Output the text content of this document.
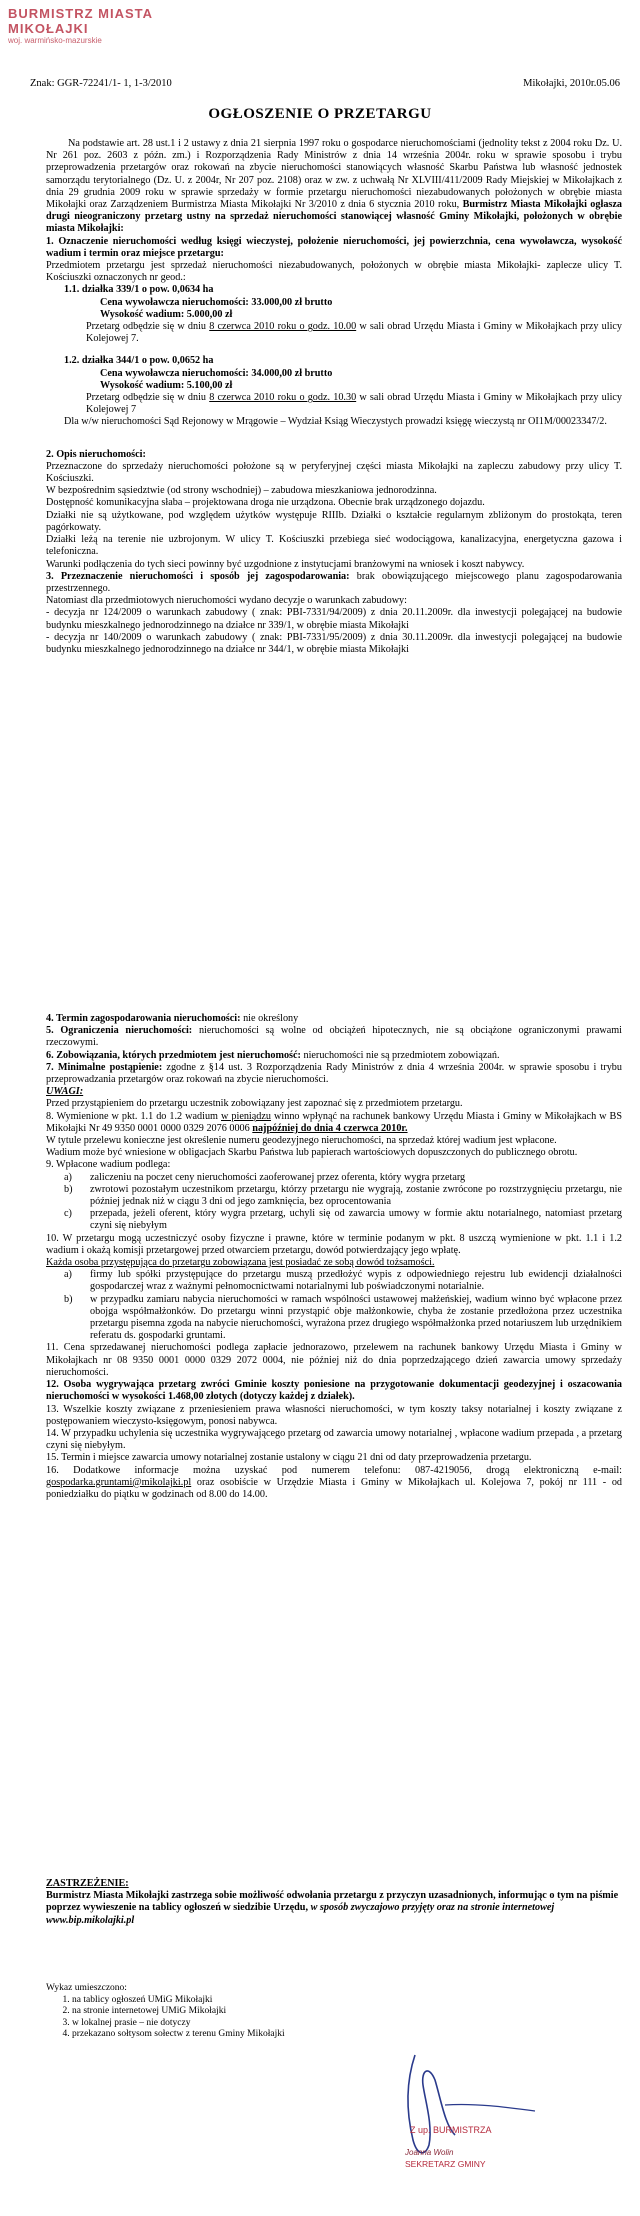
BURMISTRZ MIASTA MIKOŁAJKI
woj. warmińsko-mazurskie
Znak: GGR-72241/1- 1, 1-3/2010	Mikołajki, 2010r.05.06
OGŁOSZENIE O PRZETARGU

Na podstawie art. 28 ust.1 i 2 ustawy z dnia 21 sierpnia 1997 roku o gospodarce nieruchomościami (jednolity tekst z 2004 roku Dz. U. Nr 261 poz. 2603 z późn. zm.) i Rozporządzenia Rady Ministrów z dnia 14 września 2004r. roku w sprawie sposobu i trybu przeprowadzenia przetargów oraz rokowań na zbycie nieruchomości stanowiących własność Skarbu Państwa lub własność jednostek samorządu terytorialnego (Dz. U. z 2004r, Nr 207 poz. 2108) oraz w zw. z uchwałą Nr XLVIII/411/2009 Rady Miejskiej w Mikołajkach z dnia 29 grudnia 2009 roku w sprawie sprzedaży w formie przetargu nieruchomości niezabudowanych położonych w obrębie miasta Mikołajki oraz Zarządzeniem Burmistrza Miasta Mikołajki Nr 3/2010 z dnia 6 stycznia 2010 roku, Burmistrz Miasta Mikołajki ogłasza drugi nieograniczony przetarg ustny na sprzedaż nieruchomości stanowiącej własność Gminy Mikołajki, położonych w obrębie miasta Mikołajki:

1. Oznaczenie nieruchomości według księgi wieczystej, położenie nieruchomości, jej powierzchnia, cena wywoławcza, wysokość wadium i termin oraz miejsce przetargu:

Przedmiotem przetargu jest sprzedaż nieruchomości niezabudowanych, położonych w obrębie miasta Mikołajki- zaplecze ulicy T. Kościuszki oznaczonych nr geod.:

1.1. działka 339/1 o pow. 0,0634 ha

Cena wywoławcza nieruchomości: 33.000,00 zł brutto

Wysokość wadium: 5.000,00 zł

Przetarg odbędzie się w dniu 8 czerwca 2010 roku o godz. 10.00 w sali obrad Urzędu Miasta i Gminy w Mikołajkach przy ulicy Kolejowej 7.

1.2. działka 344/1 o pow. 0,0652 ha

Cena wywoławcza nieruchomości: 34.000,00 zł brutto

Wysokość wadium: 5.100,00 zł

Przetarg odbędzie się w dniu 8 czerwca 2010 roku o godz. 10.30 w sali obrad Urzędu Miasta i Gminy w Mikołajkach przy ulicy Kolejowej 7

Dla w/w nieruchomości Sąd Rejonowy w Mrągowie – Wydział Ksiąg Wieczystych prowadzi księgę wieczystą nr OI1M/00023347/2.

2. Opis nieruchomości:

Przeznaczone do sprzedaży nieruchomości położone są w peryferyjnej części miasta Mikołajki na zapleczu zabudowy przy ulicy T. Kościuszki.

W bezpośrednim sąsiedztwie (od strony wschodniej) – zabudowa mieszkaniowa jednorodzinna.

Dostępność komunikacyjna słaba – projektowana droga nie urządzona. Obecnie brak urządzonego dojazdu.

Działki nie są użytkowane, pod względem użytków występuje RIIIb. Działki o kształcie regularnym zbliżonym do prostokąta, teren pagórkowaty.

Działki leżą na terenie nie uzbrojonym. W ulicy T. Kościuszki przebiega sieć wodociągowa, kanalizacyjna, energetyczna gazowa i telefoniczna.

Warunki podłączenia do tych sieci powinny być uzgodnione z instytucjami branżowymi na wniosek i koszt nabywcy.

3. Przeznaczenie nieruchomości i sposób jej zagospodarowania: brak obowiązującego miejscowego planu zagospodarowania przestrzennego.

Natomiast dla przedmiotowych nieruchomości wydano decyzje o warunkach zabudowy:

- decyzja nr 124/2009 o warunkach zabudowy ( znak: PBI-7331/94/2009) z dnia 20.11.2009r. dla inwestycji polegającej na budowie budynku mieszkalnego jednorodzinnego na działce nr 339/1, w obrębie miasta Mikołajki

- decyzja nr 140/2009 o warunkach zabudowy ( znak: PBI-7331/95/2009) z dnia 30.11.2009r. dla inwestycji polegającej na budowie budynku mieszkalnego jednorodzinnego na działce nr 344/1, w obrębie miasta Mikołajki

4. Termin zagospodarowania nieruchomości: nie określony

5. Ograniczenia nieruchomości: nieruchomości są wolne od obciążeń hipotecznych, nie są obciążone ograniczonymi prawami rzeczowymi.

6. Zobowiązania, których przedmiotem jest nieruchomość: nieruchomości nie są przedmiotem zobowiązań.

7. Minimalne postąpienie: zgodne z §14 ust. 3 Rozporządzenia Rady Ministrów z dnia 4 września 2004r. w sprawie sposobu i trybu przeprowadzania przetargów oraz rokowań na zbycie nieruchomości.

UWAGI:

Przed przystąpieniem do przetargu uczestnik zobowiązany jest zapoznać się z przedmiotem przetargu.

8. Wymienione w pkt. 1.1 do 1.2 wadium w pieniądzu winno wpłynąć na rachunek bankowy Urzędu Miasta i Gminy w Mikołajkach w BS Mikołajki Nr 49 9350 0001 0000 0329 2076 0006 najpóźniej do dnia 4 czerwca 2010r.

W tytule przelewu konieczne jest określenie numeru geodezyjnego nieruchomości, na sprzedaż której wadium jest wpłacone.

Wadium może być wniesione w obligacjach Skarbu Państwa lub papierach wartościowych dopuszczonych do publicznego obrotu.

9. Wpłacone wadium podlega:

a)	zaliczeniu na poczet ceny nieruchomości zaoferowanej przez oferenta, który wygra przetarg
b)	zwrotowi pozostałym uczestnikom przetargu, którzy przetargu nie wygrają, zostanie zwrócone po rozstrzygnięciu przetargu, nie później jednak niż w ciągu 3 dni od jego zamknięcia, bez oprocentowania
c)	przepada, jeżeli oferent, który wygra przetarg, uchyli się od zawarcia umowy w formie aktu notarialnego, natomiast przetarg czyni się niebyłym

10. W przetargu mogą uczestniczyć osoby fizyczne i prawne, które w terminie podanym w pkt. 8 uszczą wymienione w pkt. 1.1 i 1.2 wadium i okażą komisji przetargowej przed otwarciem przetargu, dowód potwierdzający jego wpłatę.

Każda osoba przystępująca do przetargu zobowiązana jest posiadać ze sobą dowód tożsamości.

a)	firmy lub spółki przystępujące do przetargu muszą przedłożyć wypis z odpowiedniego rejestru lub ewidencji działalności gospodarczej wraz z ważnymi pełnomocnictwami notarialnymi lub poświadczonymi notarialnie.
b)	w przypadku zamiaru nabycia nieruchomości w ramach wspólności ustawowej małżeńskiej, wadium winno być wpłacone przez obojga współmałżonków. Do przetargu winni przystąpić obje małżonkowie, chyba że zostanie przedłożona przez uczestnika przetargu pisemna zgoda na nabycie nieruchomości, wyrażona przez drugiego współmałżonka przed notariuszem lub urzędnikiem referatu ds. gospodarki gruntami.

11. Cena sprzedawanej nieruchomości podlega zapłacie jednorazowo, przelewem na rachunek bankowy Urzędu Miasta i Gminy w Mikołajkach nr 08 9350 0001 0000 0329 2072 0004, nie później niż do dnia poprzedzającego dzień zawarcia umowy sprzedaży nieruchomości.

12. Osoba wygrywająca przetarg zwróci Gminie koszty poniesione na przygotowanie dokumentacji geodezyjnej i oszacowania nieruchomości w wysokości 1.468,00 złotych (dotyczy każdej z działek).

13. Wszelkie koszty związane z przeniesieniem prawa własności nieruchomości, w tym koszty taksy notarialnej i koszty związane z postępowaniem wieczysto-księgowym, ponosi nabywca.

14. W przypadku uchylenia się uczestnika wygrywającego przetarg od zawarcia umowy notarialnej , wpłacone wadium przepada , a przetarg czyni się niebyłym.

15. Termin i miejsce zawarcia umowy notarialnej zostanie ustalony w ciągu 21 dni od daty przeprowadzenia przetargu.

16. Dodatkowe informacje można uzyskać pod numerem telefonu: 087-4219056, drogą elektroniczną e-mail: gospodarka.gruntami@mikolajki.pl oraz osobiście w Urzędzie Miasta i Gminy w Mikołajkach ul. Kolejowa 7, pokój nr 111 - od poniedziałku do piątku w godzinach od 8.00 do 14.00.

ZASTRZEŻENIE:

Burmistrz Miasta Mikołajki zastrzega sobie możliwość odwołania przetargu z przyczyn uzasadnionych, informując o tym na piśmie poprzez wywieszenie na tablicy ogłoszeń w siedzibie Urzędu, w sposób zwyczajowo przyjęty oraz na stronie internetowej www.bip.mikolajki.pl

Wykaz umieszczono:

1. na tablicy ogłoszeń UMiG Mikołajki
2. na stronie internetowej UMiG Mikołajki
3. w lokalnej prasie – nie dotyczy
4. przekazano sołtysom sołectw z terenu Gminy Mikołajki
Z up. BURMISTRZA
Joanna Wolin
SEKRETARZ GMINY
